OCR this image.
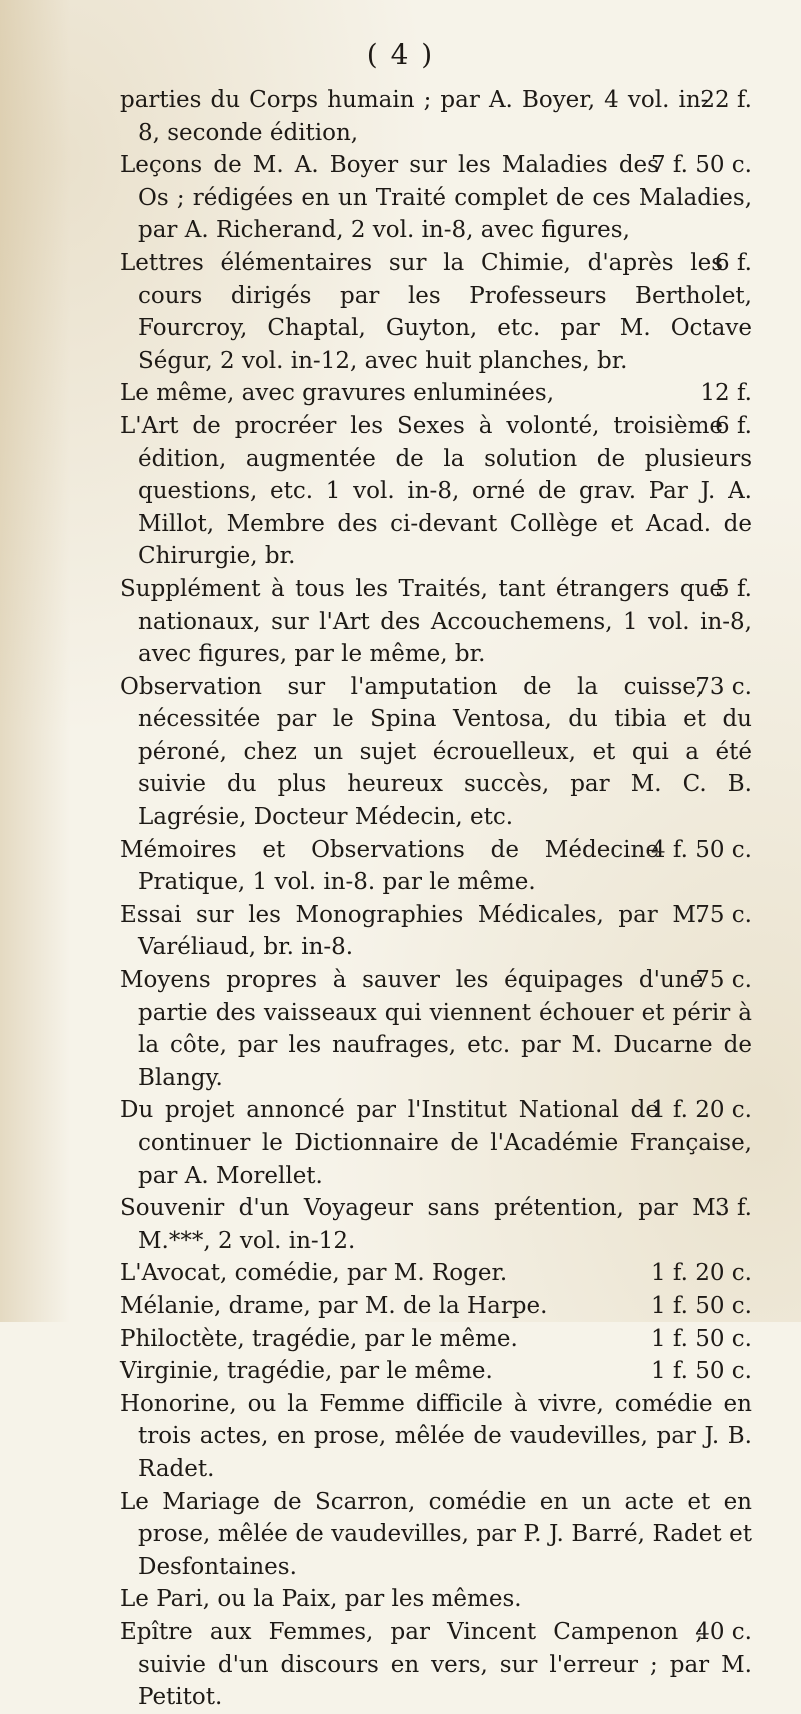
( 4 )

22 f.
parties du Corps humain ; par A. Boyer, 4 vol. in-8, seconde édition,

7 f. 50 c.
Leçons de M. A. Boyer sur les Maladies des Os ; rédigées en un Traité complet de ces Maladies, par A. Richerand, 2 vol. in-8, avec figures,

6 f.
Lettres élémentaires sur la Chimie, d'après les cours dirigés par les Professeurs Bertholet, Fourcroy, Chaptal, Guyton, etc. par M. Octave Ségur, 2 vol. in-12, avec huit planches, br.

12 f.
Le même, avec gravures enluminées,

6 f.
L'Art de procréer les Sexes à volonté, troisième édition, augmentée de la solution de plusieurs questions, etc. 1 vol. in-8, orné de grav. Par J. A. Millot, Membre des ci-devant Collège et Acad. de Chirurgie, br.

5 f.
Supplément à tous les Traités, tant étrangers que nationaux, sur l'Art des Accouchemens, 1 vol. in-8, avec figures, par le même, br.

73 c.
Observation sur l'amputation de la cuisse, nécessitée par le Spina Ventosa, du tibia et du péroné, chez un sujet écrouelleux, et qui a été suivie du plus heureux succès, par M. C. B. Lagrésie, Docteur Médecin, etc.

4 f. 50 c.
Mémoires et Observations de Médecine Pratique, 1 vol. in-8. par le même.

75 c.
Essai sur les Monographies Médicales, par M. Varéliaud, br. in-8.

75 c.
Moyens propres à sauver les équipages d'une partie des vaisseaux qui viennent échouer et périr à la côte, par les naufrages, etc. par M. Ducarne de Blangy.

1 f. 20 c.
Du projet annoncé par l'Institut National de continuer le Dictionnaire de l'Académie Française, par A. Morellet.

3 f.
Souvenir d'un Voyageur sans prétention, par M. M.***, 2 vol. in-12.

1 f. 20 c.
L'Avocat, comédie, par M. Roger.

1 f. 50 c.
Mélanie, drame, par M. de la Harpe.

1 f. 50 c.
Philoctète, tragédie, par le même.

1 f. 50 c.
Virginie, tragédie, par le même.

Honorine, ou la Femme difficile à vivre, comédie en trois actes, en prose, mêlée de vaudevilles, par J. B. Radet.

Le Mariage de Scarron, comédie en un acte et en prose, mêlée de vaudevilles, par P. J. Barré, Radet et Desfontaines.

Le Pari, ou la Paix, par les mêmes.

40 c.
Epître aux Femmes, par Vincent Campenon ; suivie d'un discours en vers, sur l'erreur ; par M. Petitot.
